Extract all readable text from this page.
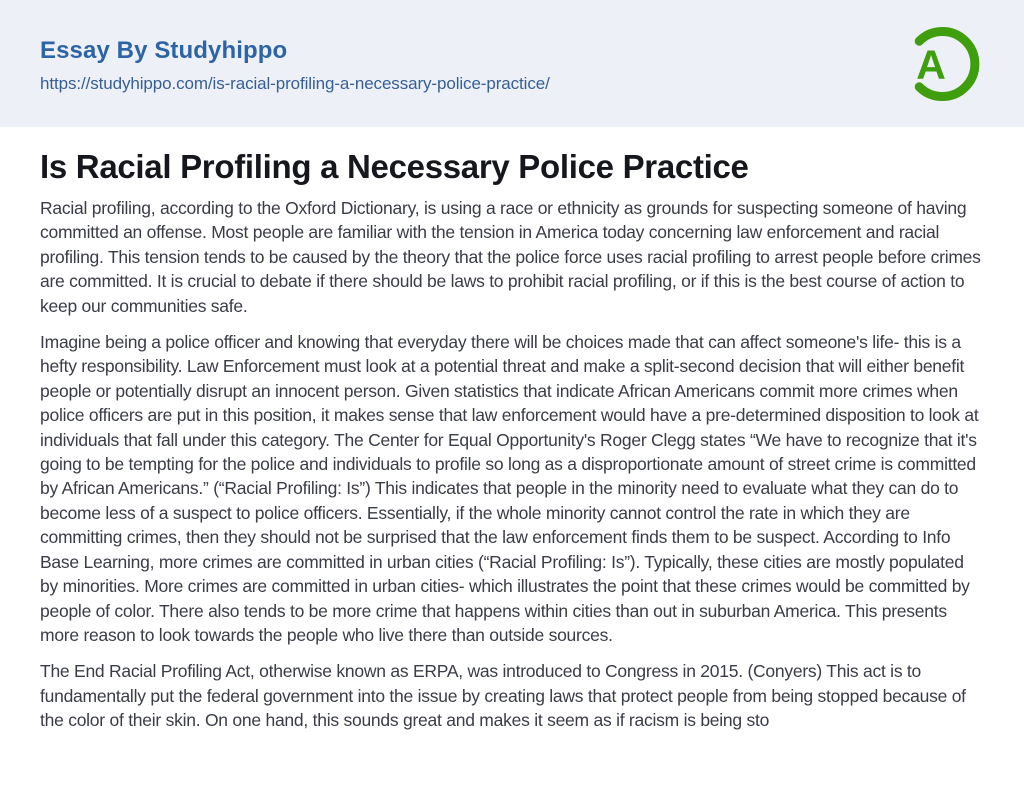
Essay By Studyhippo
https://studyhippo.com/is-racial-profiling-a-necessary-police-practice/	A
Is Racial Profiling a Necessary Police Practice

Racial profiling, according to the Oxford Dictionary, is using a race or ethnicity as grounds for suspecting someone of having committed an offense. Most people are familiar with the tension in America today concerning law enforcement and racial profiling. This tension tends to be caused by the theory that the police force uses racial profiling to arrest people before crimes are committed. It is crucial to debate if there should be laws to prohibit racial profiling, or if this is the best course of action to keep our communities safe.

Imagine being a police officer and knowing that everyday there will be choices made that can affect someone's life- this is a hefty responsibility. Law Enforcement must look at a potential threat and make a split-second decision that will either benefit people or potentially disrupt an innocent person. Given statistics that indicate African Americans commit more crimes when police officers are put in this position, it makes sense that law enforcement would have a pre-determined disposition to look at individuals that fall under this category. The Center for Equal Opportunity's Roger Clegg states “We have to recognize that it's going to be tempting for the police and individuals to profile so long as a disproportionate amount of street crime is committed by African Americans.” (“Racial Profiling: Is”) This indicates that people in the minority need to evaluate what they can do to become less of a suspect to police officers. Essentially, if the whole minority cannot control the rate in which they are committing crimes, then they should not be surprised that the law enforcement finds them to be suspect. According to Info Base Learning, more crimes are committed in urban cities (“Racial Profiling: Is”). Typically, these cities are mostly populated by minorities. More crimes are committed in urban cities- which illustrates the point that these crimes would be committed by people of color. There also tends to be more crime that happens within cities than out in suburban America. This presents more reason to look towards the people who live there than outside sources.

The End Racial Profiling Act, otherwise known as ERPA, was introduced to Congress in 2015. (Conyers) This act is to fundamentally put the federal government into the issue by creating laws that protect people from being stopped because of the color of their skin. On one hand, this sounds great and makes it seem as if racism is being sto
